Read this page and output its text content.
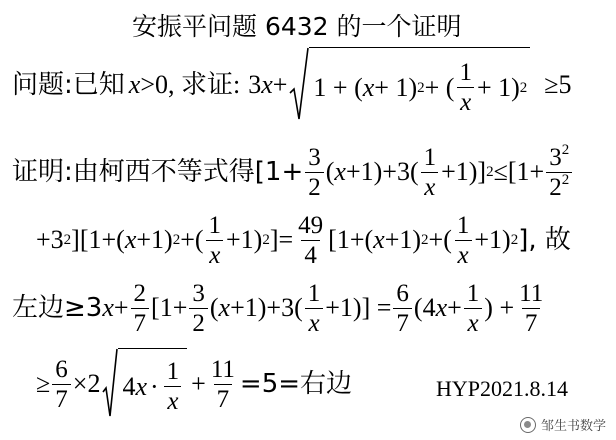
安振平问题 6432 的一个证明
问题:已知 x >0, 求证: 3 x + 1 + ( x + 1) 2 + ( $\frac{1}{x} + 1$) 2 ≥5
证明:由柯西不等式得[$1+ \frac{3}{2}$ ( $x +1)+3( \frac{1}{x} +1)$] $2 \le[1+ \frac{3^2}{2^2}$
+3 2 ][1+( x +1) 2 +( $\frac{1}{x} +1$) 2 ]= $\frac{49}{4} [1+$( x +1) 2 +( $\frac{1}{x} +1$) 2 ], 故
左边≥3 $x + \frac{2}{7} [1+ \frac{3}{2}$ ( $x +1)+3( \frac{1}{x} +1)] = \frac{6}{7} (4$ $x + \frac{1}{x}$ ) + $\frac{11}{7}$
≥ $\frac{6}{7} \times 2$ 4 $x \cdot \frac{1}{x} + \frac{11}{7} =5=$右边	HYP2021.8.14
邹生书数学
